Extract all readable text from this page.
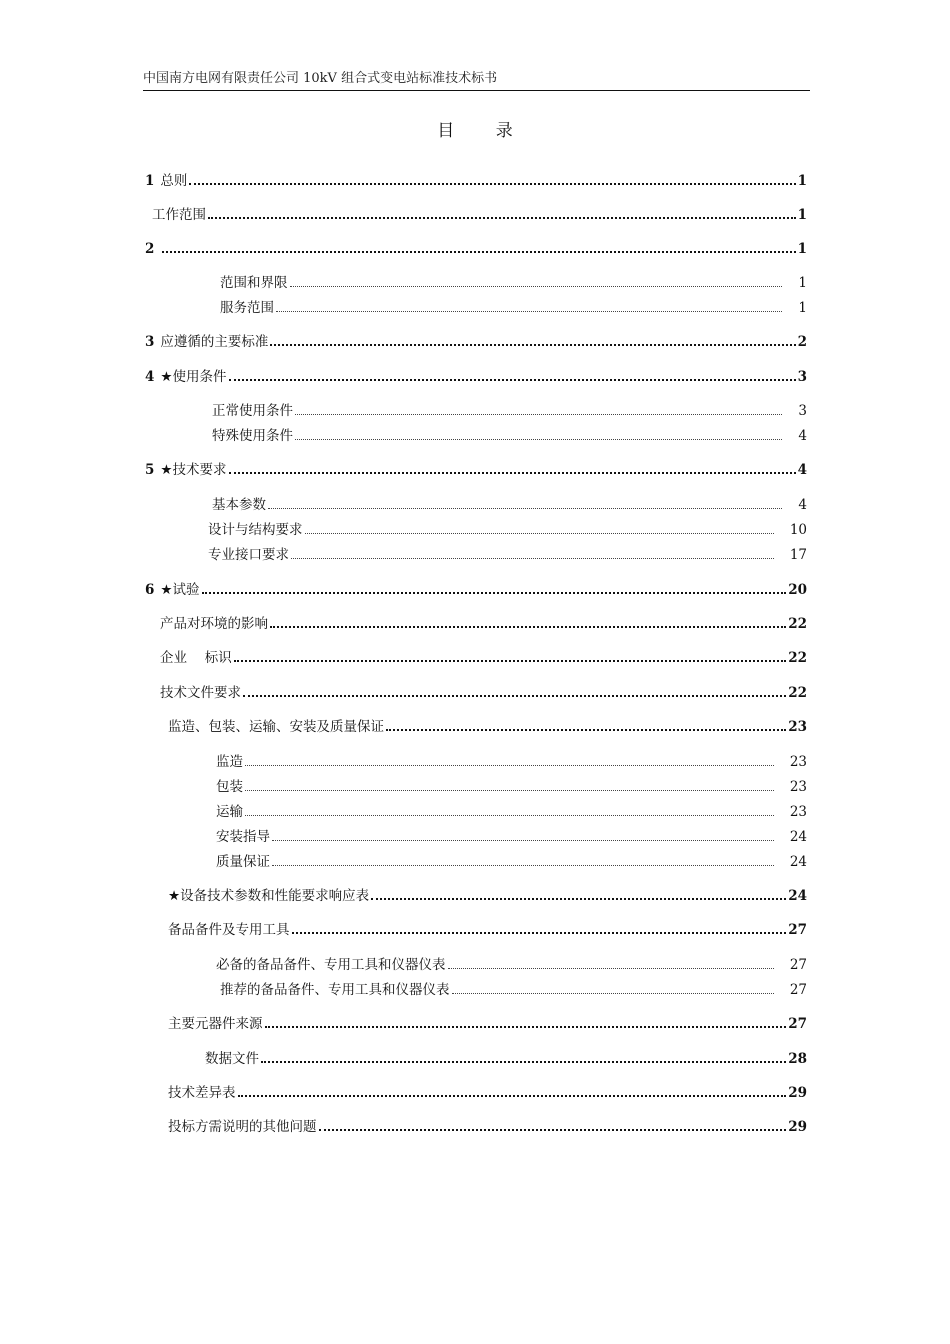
中国南方电网有限责任公司 10kV 组合式变电站标准技术标书
目 录
1 总则	1
工作范围	1
2	1
范围和界限	1
服务范围	1
3 应遵循的主要标准	2
4 ★使用条件	3
正常使用条件	3
特殊使用条件	4
5 ★技术要求	4
基本参数	4
设计与结构要求	10
专业接口要求	17
6 ★试验	20
产品对环境的影响	22
企业　 标识	22
技术文件要求	22
监造、包装、运输、安装及质量保证	23
监造	23
包装	23
运输	23
安装指导	24
质量保证	24
★设备技术参数和性能要求响应表	24
备品备件及专用工具	27
必备的备品备件、专用工具和仪器仪表	27
推荐的备品备件、专用工具和仪器仪表	27
主要元器件来源	27
数据文件	28
技术差异表	29
投标方需说明的其他问题	29
